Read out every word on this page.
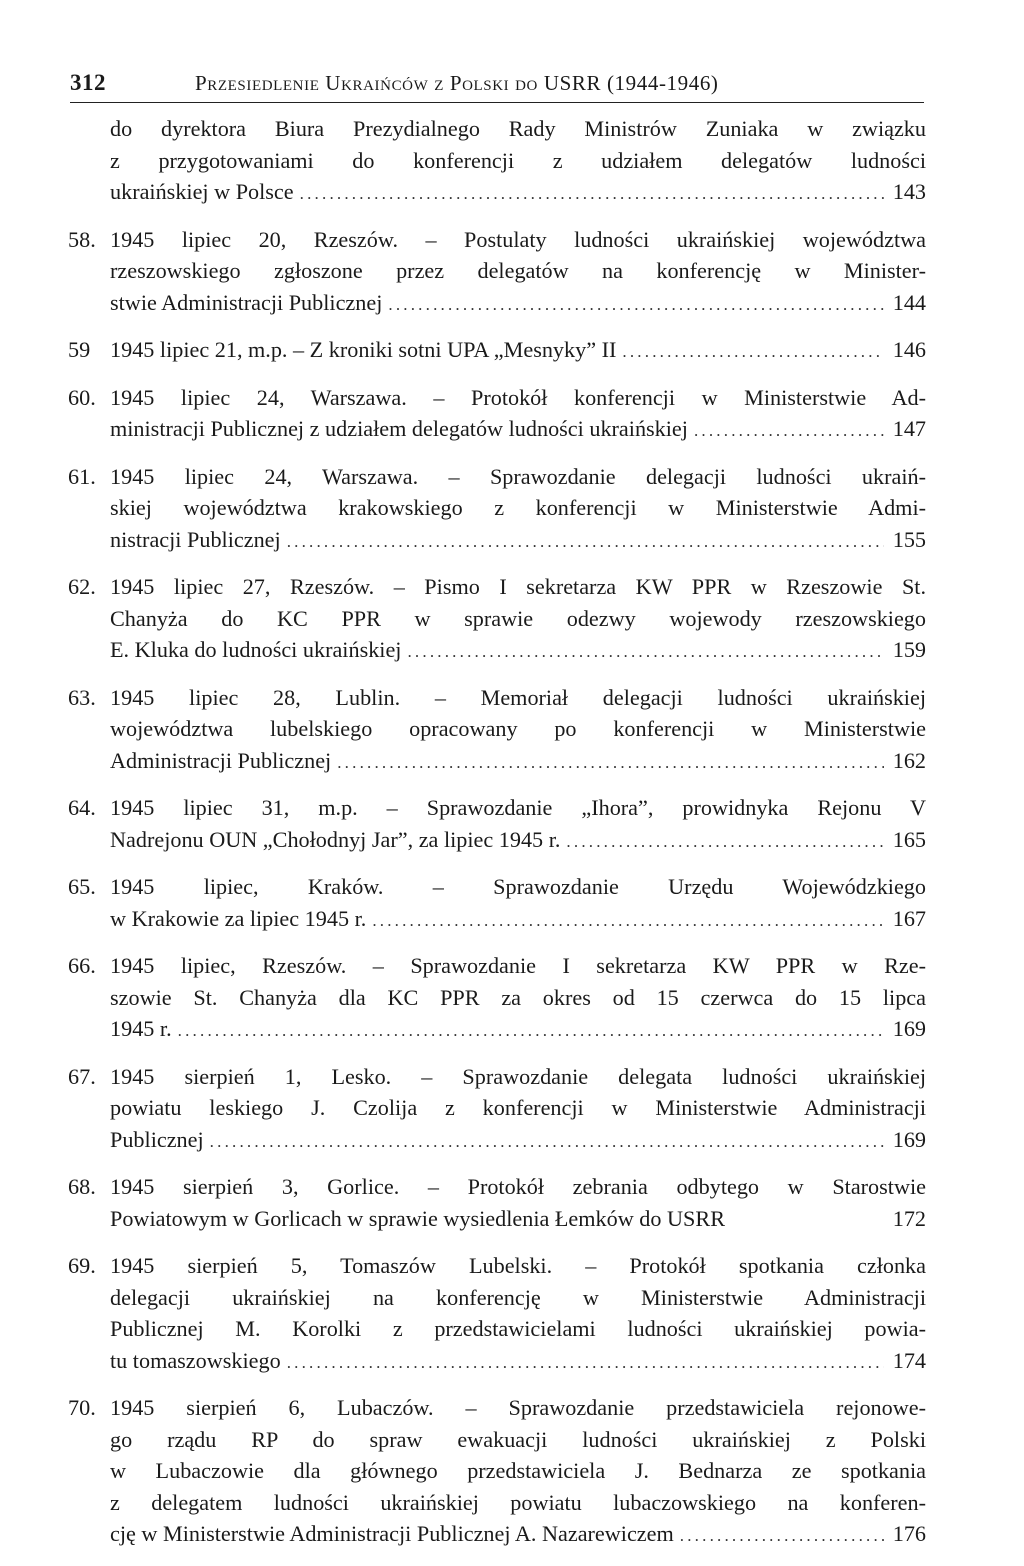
312	Przesiedlenie Ukraińców z Polski do USRR (1944-1946)
do dyrektora Biura Prezydialnego Rady Ministrów Zuniaka w związku
z przygotowaniami do konferencji z udziałem delegatów ludności
ukraińskiej w Polsce .....	143
58. 1945 lipiec 20, Rzeszów. – Postulaty ludności ukraińskiej województwa
rzeszowskiego zgłoszone przez delegatów na konferencję w Minister-
stwie Administracji Publicznej .....	144
59 1945 lipiec 21, m.p. – Z kroniki sotni UPA „Mesnyky” II .....	146
60. 1945 lipiec 24, Warszawa. – Protokół konferencji w Ministerstwie Ad-
ministracji Publicznej z udziałem delegatów ludności ukraińskiej .....	147
61. 1945 lipiec 24, Warszawa. – Sprawozdanie delegacji ludności ukraiń-
skiej województwa krakowskiego z konferencji w Ministerstwie Admi-
nistracji Publicznej .....	155
62. 1945 lipiec 27, Rzeszów. – Pismo I sekretarza KW PPR w Rzeszowie St.
Chanyża do KC PPR w sprawie odezwy wojewody rzeszowskiego
E. Kluka do ludności ukraińskiej .....	159
63. 1945 lipiec 28, Lublin. – Memoriał delegacji ludności ukraińskiej
województwa lubelskiego opracowany po konferencji w Ministerstwie
Administracji Publicznej .....	162
64. 1945 lipiec 31, m.p. – Sprawozdanie „Ihora”, prowidnyka Rejonu V
Nadrejonu OUN „Chołodnyj Jar”, za lipiec 1945 r. .....	165
65. 1945 lipiec, Kraków. – Sprawozdanie Urzędu Wojewódzkiego
w Krakowie za lipiec 1945 r. .....	167
66. 1945 lipiec, Rzeszów. – Sprawozdanie I sekretarza KW PPR w Rze-
szowie St. Chanyża dla KC PPR za okres od 15 czerwca do 15 lipca
1945 r. .....	169
67. 1945 sierpień 1, Lesko. – Sprawozdanie delegata ludności ukraińskiej
powiatu leskiego J. Czolija z konferencji w Ministerstwie Administracji
Publicznej .....	169
68. 1945 sierpień 3, Gorlice. – Protokół zebrania odbytego w Starostwie
Powiatowym w Gorlicach w sprawie wysiedlenia Łemków do USRR	172
69. 1945 sierpień 5, Tomaszów Lubelski. – Protokół spotkania członka
delegacji ukraińskiej na konferencję w Ministerstwie Administracji
Publicznej M. Korolki z przedstawicielami ludności ukraińskiej powia-
tu tomaszowskiego .....	174
70. 1945 sierpień 6, Lubaczów. – Sprawozdanie przedstawiciela rejonowe-
go rządu RP do spraw ewakuacji ludności ukraińskiej z Polski
w Lubaczowie dla głównego przedstawiciela J. Bednarza ze spotkania
z delegatem ludności ukraińskiej powiatu lubaczowskiego na konferen-
cję w Ministerstwie Administracji Publicznej A. Nazarewiczem .....	176
